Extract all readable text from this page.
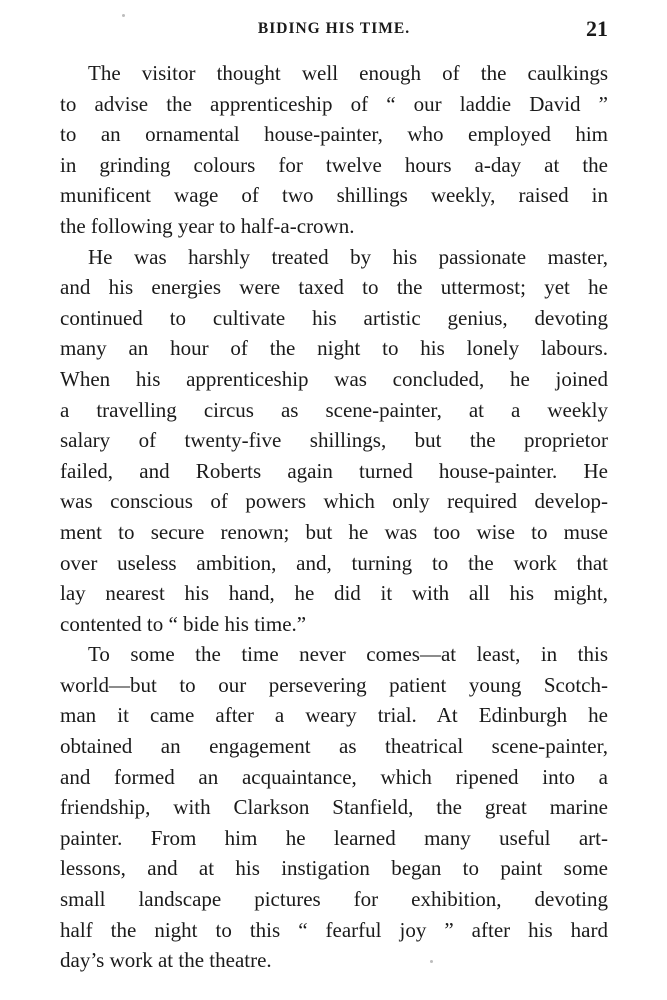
BIDING HIS TIME.	21

The visitor thought well enough of the caulkings
to advise the apprenticeship of “ our laddie David ”
to an ornamental house-painter, who employed him
in grinding colours for twelve hours a-day at the
munificent wage of two shillings weekly, raised in
the following year to half-a-crown.

He was harshly treated by his passionate master,
and his energies were taxed to the uttermost; yet he
continued to cultivate his artistic genius, devoting
many an hour of the night to his lonely labours.
When his apprenticeship was concluded, he joined
a travelling circus as scene-painter, at a weekly
salary of twenty-five shillings, but the proprietor
failed, and Roberts again turned house-painter. He
was conscious of powers which only required develop-
ment to secure renown; but he was too wise to muse
over useless ambition, and, turning to the work that
lay nearest his hand, he did it with all his might,
contented to “ bide his time.”

To some the time never comes—at least, in this
world—but to our persevering patient young Scotch-
man it came after a weary trial. At Edinburgh he
obtained an engagement as theatrical scene-painter,
and formed an acquaintance, which ripened into a
friendship, with Clarkson Stanfield, the great marine
painter. From him he learned many useful art-
lessons, and at his instigation began to paint some
small landscape pictures for exhibition, devoting
half the night to this “ fearful joy ” after his hard
day’s work at the theatre.
